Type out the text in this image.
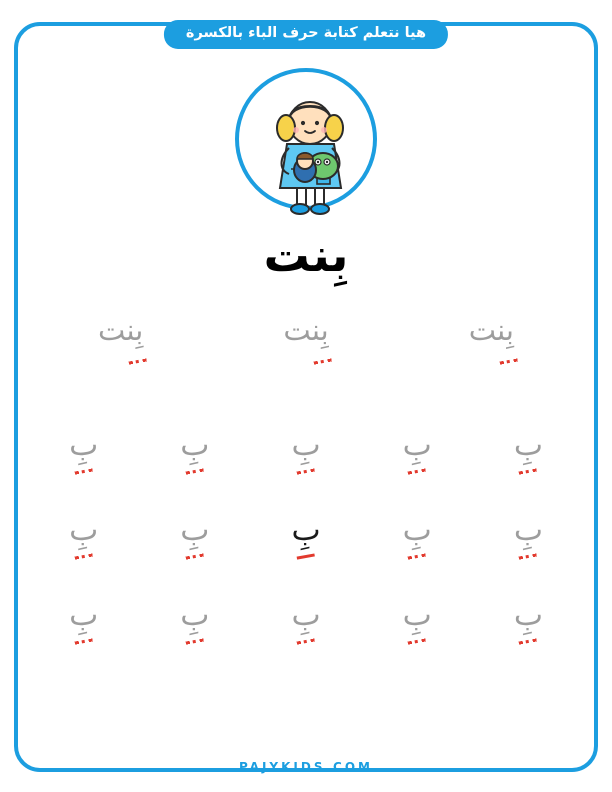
هيا نتعلم كتابة حرف الباء بالكسرة
بِنت
بِنت	بِنت	بِنت
بِ	بِ	بِ	بِ	بِ
بِ	بِ	بِ	بِ	بِ
بِ	بِ	بِ	بِ	بِ
PAJYKIDS.COM
